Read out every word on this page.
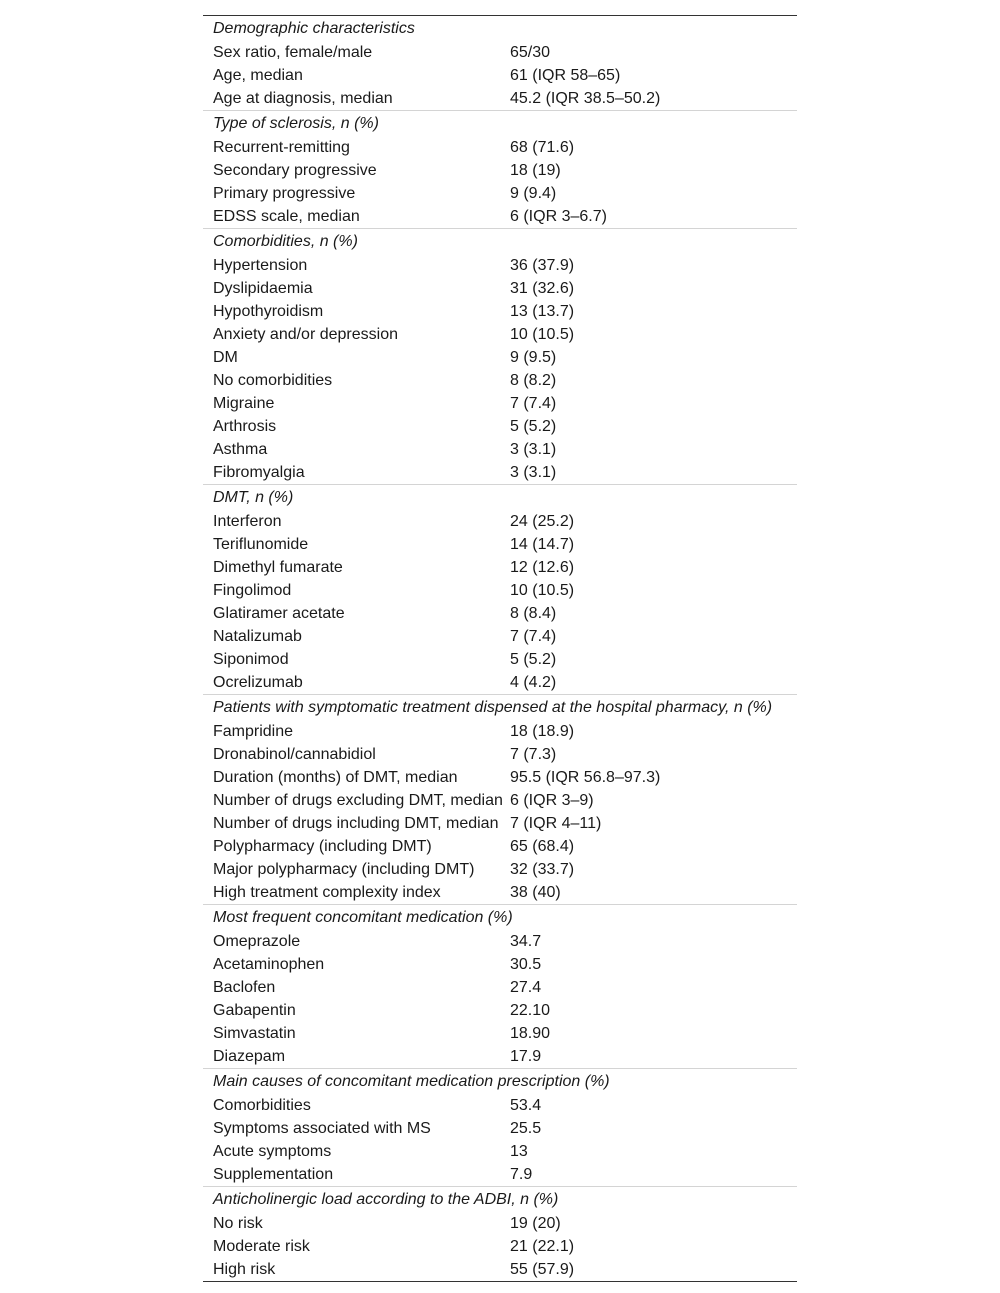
Demographic characteristics	
Sex ratio, female/male	65/30
Age, median	61 (IQR 58–65)
Age at diagnosis, median	45.2 (IQR 38.5–50.2)
Type of sclerosis, n (%)	
Recurrent-remitting	68 (71.6)
Secondary progressive	18 (19)
Primary progressive	9 (9.4)
EDSS scale, median	6 (IQR 3–6.7)
Comorbidities, n (%)	
Hypertension	36 (37.9)
Dyslipidaemia	31 (32.6)
Hypothyroidism	13 (13.7)
Anxiety and/or depression	10 (10.5)
DM	9 (9.5)
No comorbidities	8 (8.2)
Migraine	7 (7.4)
Arthrosis	5 (5.2)
Asthma	3 (3.1)
Fibromyalgia	3 (3.1)
DMT, n (%)	
Interferon	24 (25.2)
Teriflunomide	14 (14.7)
Dimethyl fumarate	12 (12.6)
Fingolimod	10 (10.5)
Glatiramer acetate	8 (8.4)
Natalizumab	7 (7.4)
Siponimod	5 (5.2)
Ocrelizumab	4 (4.2)
Patients with symptomatic treatment dispensed at the hospital pharmacy, n (%)	
Fampridine	18 (18.9)
Dronabinol/cannabidiol	7 (7.3)
Duration (months) of DMT, median	95.5 (IQR 56.8–97.3)
Number of drugs excluding DMT, median	6 (IQR 3–9)
Number of drugs including DMT, median	7 (IQR 4–11)
Polypharmacy (including DMT)	65 (68.4)
Major polypharmacy (including DMT)	32 (33.7)
High treatment complexity index	38 (40)
Most frequent concomitant medication (%)	
Omeprazole	34.7
Acetaminophen	30.5
Baclofen	27.4
Gabapentin	22.10
Simvastatin	18.90
Diazepam	17.9
Main causes of concomitant medication prescription (%)	
Comorbidities	53.4
Symptoms associated with MS	25.5
Acute symptoms	13
Supplementation	7.9
Anticholinergic load according to the ADBI, n (%)	
No risk	19 (20)
Moderate risk	21 (22.1)
High risk	55 (57.9)
